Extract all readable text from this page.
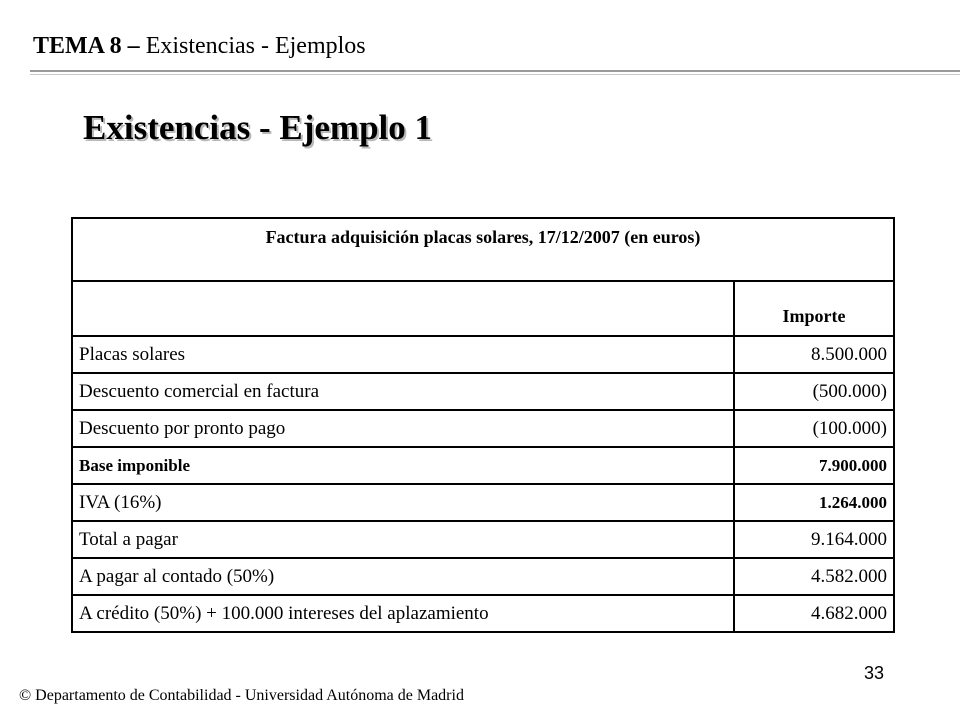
TEMA 8 – Existencias - Ejemplos
Existencias - Ejemplo 1
Factura adquisición placas solares, 17/12/2007 (en euros)	
	Importe
Placas solares	8.500.000
Descuento comercial en factura	(500.000)
Descuento por pronto pago	(100.000)
Base imponible	7.900.000
IVA (16%)	1.264.000
Total a pagar	9.164.000
A pagar al contado (50%)	4.582.000
A crédito (50%) + 100.000 intereses del aplazamiento	4.682.000
33
© Departamento de Contabilidad - Universidad Autónoma de Madrid
